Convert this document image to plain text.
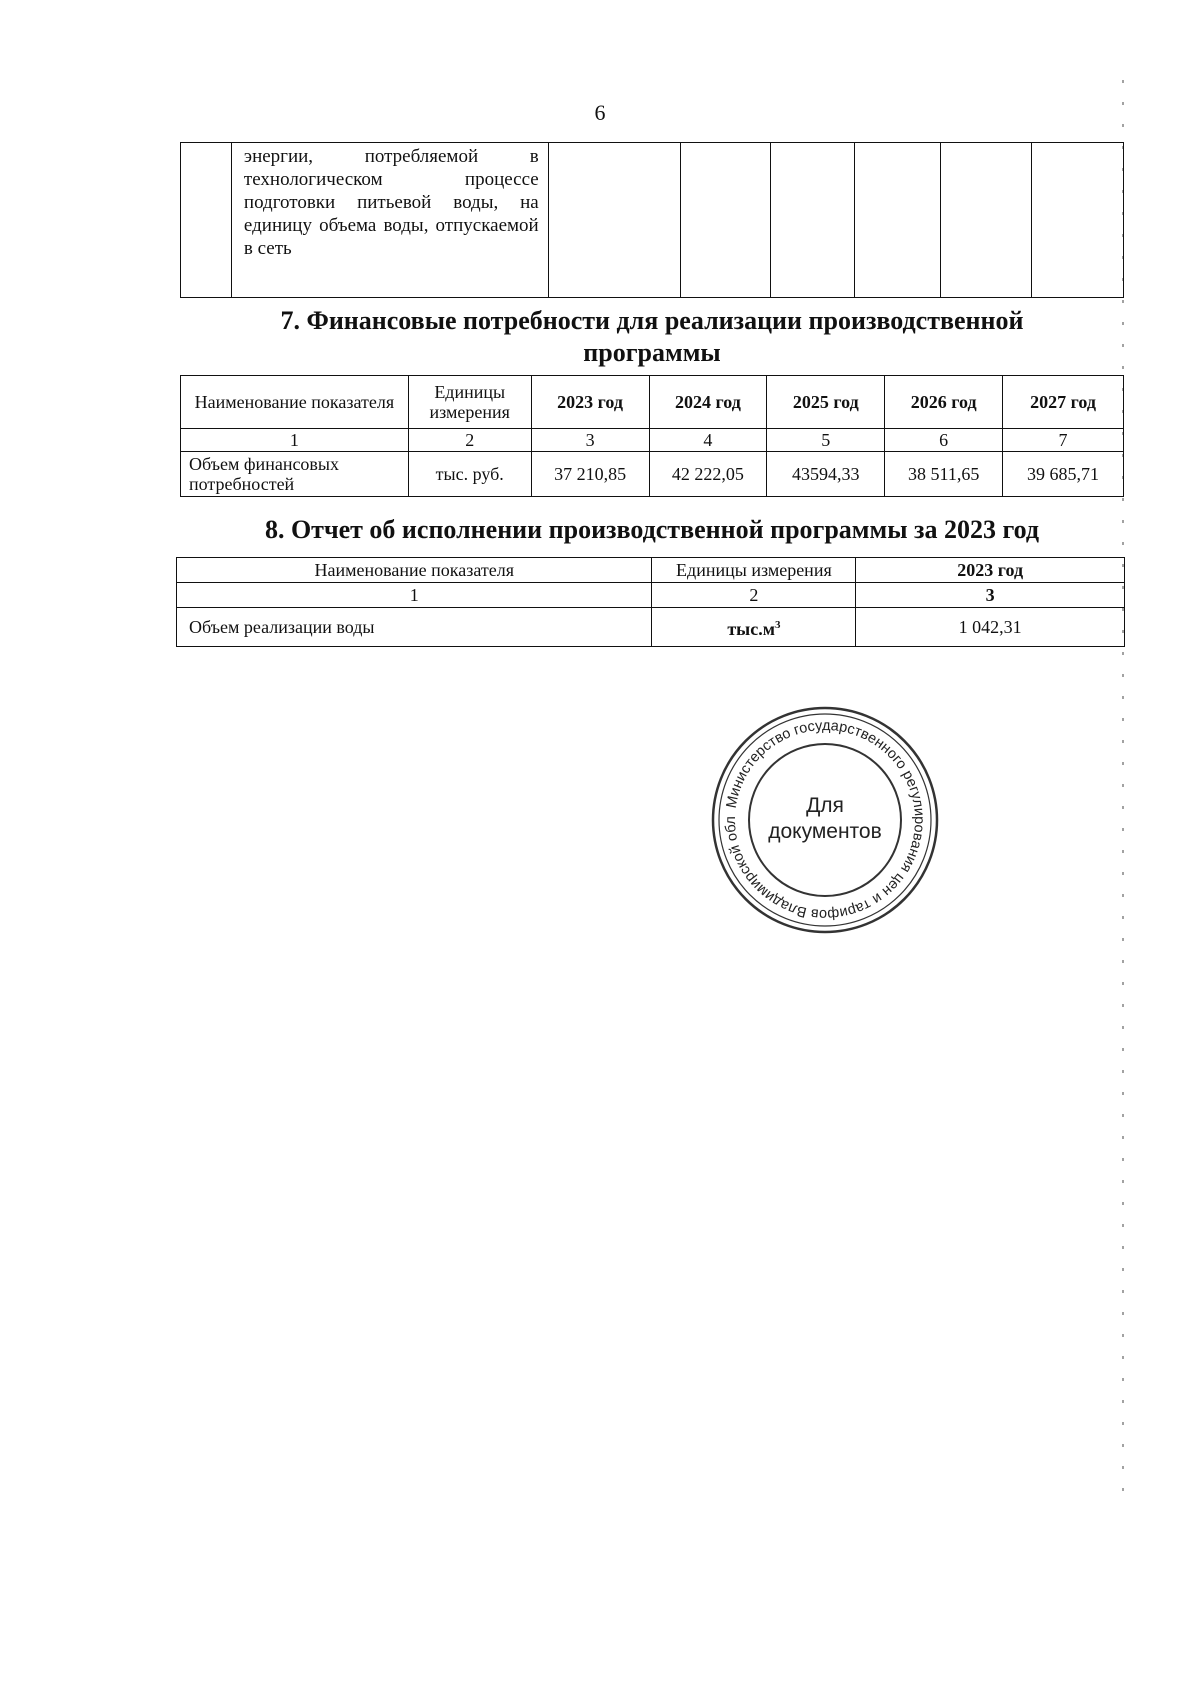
6
	энергии, потребляемой в технологическом процессе подготовки питьевой воды, на единицу объема воды, отпускаемой в сеть						
7. Финансовые потребности для реализации производственной
программы
Наименование показателя	Единицы измерения	2023 год	2024 год	2025 год	2026 год	2027 год
1	2	3	4	5	6	7
Объем финансовых потребностей	тыс. руб.	37 210,85	42 222,05	43594,33	38 511,65	39 685,71
8. Отчет об исполнении производственной программы за 2023 год
Наименование показателя	Единицы измерения	2023 год
1	2	3
Объем реализации воды	$тыс.м^3$	1 042,31
Министерство государственного регулирования цен и тарифов Владимирской обл
Для
документов
